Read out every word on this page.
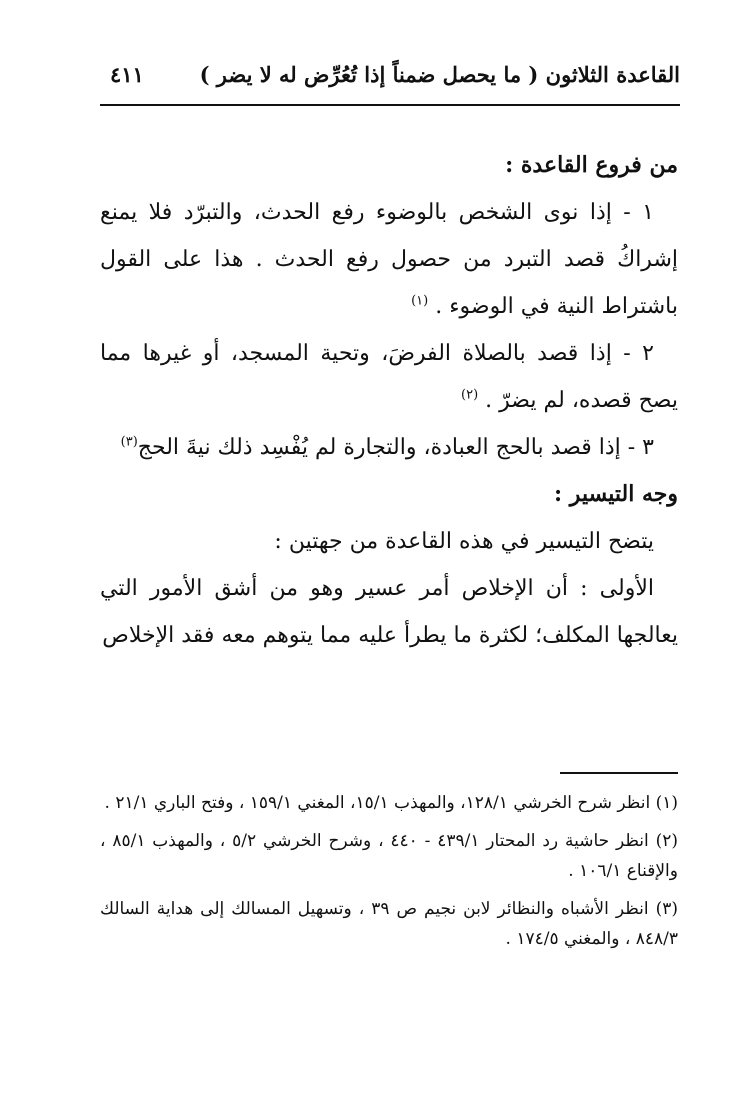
القاعدة الثلاثون ( ما يحصل ضمناً إذا تُعُرِّض له لا يضر )
٤١١

من فروع القاعدة :

١ - إذا نوى الشخص بالوضوء رفع الحدث، والتبرّد فلا يمنع إشراكُ قصد التبرد من حصول رفع الحدث . هذا على القول باشتراط النية في الوضوء . $^{(١)}$

٢ - إذا قصد بالصلاة الفرضَ، وتحية المسجد، أو غيرها مما يصح قصده، لم يضرّ . $^{(٢)}$

٣ - إذا قصد بالحج العبادة، والتجارة لم يُفْسِد ذلك نيةَ الحج$^{(٣)}$

وجه التيسير :

يتضح التيسير في هذه القاعدة من جهتين :

الأولى : أن الإخلاص أمر عسير وهو من أشق الأمور التي يعالجها المكلف؛ لكثرة ما يطرأ عليه مما يتوهم معه فقد الإخلاص

(١) انظر شرح الخرشي ١٢٨/١، والمهذب ١٥/١، المغني ١٥٩/١ ، وفتح الباري ٢١/١ .

(٢) انظر حاشية رد المحتار ٤٣٩/١ - ٤٤٠ ، وشرح الخرشي ٥/٢ ، والمهذب ٨٥/١ ، والإقناع ١٠٦/١ .

(٣) انظر الأشباه والنظائر لابن نجيم ص ٣٩ ، وتسهيل المسالك إلى هداية السالك ٨٤٨/٣ ، والمغني ١٧٤/٥ .
